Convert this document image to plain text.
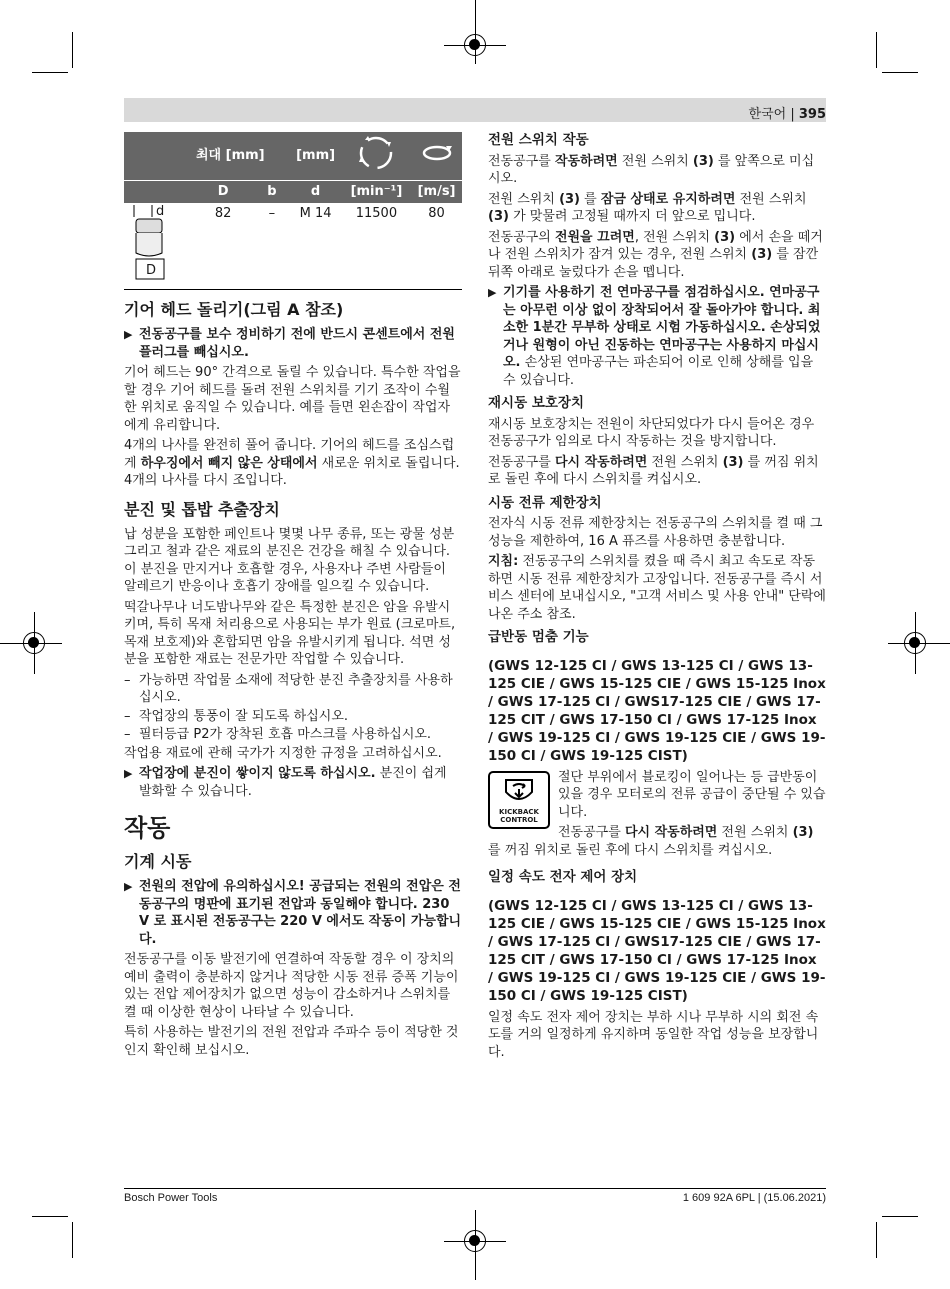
한국어 | 395
	최대 [mm]		[mm]		
	D	b	d	[min⁻¹]	[m/s]

d
D	82	–	M 14	11500	80
기어 헤드 돌리기(그림 A 참조)
▶ 전동공구를 보수 정비하기 전에 반드시 콘센트에서 전원 플러그를 빼십시오.

기어 헤드는 90° 간격으로 돌릴 수 있습니다. 특수한 작업을 할 경우 기어 헤드를 돌려 전원 스위치를 기기 조작이 수월한 위치로 움직일 수 있습니다. 예를 들면 왼손잡이 작업자에게 유리합니다.

4개의 나사를 완전히 풀어 줍니다. 기어의 헤드를 조심스럽게 하우징에서 빼지 않은 상태에서 새로운 위치로 돌립니다. 4개의 나사를 다시 조입니다.

분진 및 톱밥 추출장치

납 성분을 포함한 페인트나 몇몇 나무 종류, 또는 광물 성분 그리고 철과 같은 재료의 분진은 건강을 해칠 수 있습니다. 이 분진을 만지거나 호흡할 경우, 사용자나 주변 사람들이 알레르기 반응이나 호흡기 장애를 일으킬 수 있습니다.

떡갈나무나 너도밤나무와 같은 특정한 분진은 암을 유발시키며, 특히 목재 처리용으로 사용되는 부가 원료 (크로마트, 목재 보호제)와 혼합되면 암을 유발시키게 됩니다. 석면 성분을 포함한 재료는 전문가만 작업할 수 있습니다.

– 가능하면 작업물 소재에 적당한 분진 추출장치를 사용하십시오.
– 작업장의 통풍이 잘 되도록 하십시오.
– 필터등급 P2가 장착된 호흡 마스크를 사용하십시오.

작업용 재료에 관해 국가가 지정한 규정을 고려하십시오.

▶ 작업장에 분진이 쌓이지 않도록 하십시오. 분진이 쉽게 발화할 수 있습니다.
작동
기계 시동
▶ 전원의 전압에 유의하십시오! 공급되는 전원의 전압은 전동공구의 명판에 표기된 전압과 동일해야 합니다. 230 V 로 표시된 전동공구는 220 V 에서도 작동이 가능합니다.

전동공구를 이동 발전기에 연결하여 작동할 경우 이 장치의 예비 출력이 충분하지 않거나 적당한 시동 전류 증폭 기능이 있는 전압 제어장치가 없으면 성능이 감소하거나 스위치를 켤 때 이상한 현상이 나타날 수 있습니다.

특히 사용하는 발전기의 전원 전압과 주파수 등이 적당한 것인지 확인해 보십시오.

전원 스위치 작동

전동공구를 작동하려면 전원 스위치 (3) 를 앞쪽으로 미십시오.

전원 스위치 (3) 를 잠금 상태로 유지하려면 전원 스위치 (3) 가 맞물려 고정될 때까지 더 앞으로 밉니다.

전동공구의 전원을 끄려면, 전원 스위치 (3) 에서 손을 떼거나 전원 스위치가 잠겨 있는 경우, 전원 스위치 (3) 를 잠깐 뒤쪽 아래로 눌렀다가 손을 뗍니다.

▶ 기기를 사용하기 전 연마공구를 점검하십시오. 연마공구는 아무런 이상 없이 장착되어서 잘 돌아가야 합니다. 최소한 1분간 무부하 상태로 시험 가동하십시오. 손상되었거나 원형이 아닌 진동하는 연마공구는 사용하지 마십시오. 손상된 연마공구는 파손되어 이로 인해 상해를 입을 수 있습니다.
재시동 보호장치

재시동 보호장치는 전원이 차단되었다가 다시 들어온 경우 전동공구가 임의로 다시 작동하는 것을 방지합니다.

전동공구를 다시 작동하려면 전원 스위치 (3) 를 꺼짐 위치로 돌린 후에 다시 스위치를 켜십시오.

시동 전류 제한장치

전자식 시동 전류 제한장치는 전동공구의 스위치를 켤 때 그 성능을 제한하여, 16 A 퓨즈를 사용하면 충분합니다.

지침: 전동공구의 스위치를 켰을 때 즉시 최고 속도로 작동하면 시동 전류 제한장치가 고장입니다. 전동공구를 즉시 서비스 센터에 보내십시오, "고객 서비스 및 사용 안내" 단락에 나온 주소 참조.

급반동 멈춤 기능
(GWS 12-125 CI / GWS 13-125 CI / GWS 13-125 CIE / GWS 15-125 CIE / GWS 15-125 Inox / GWS 17-125 CI / GWS17-125 CIE / GWS 17-125 CIT / GWS 17-150 CI / GWS 17-125 Inox / GWS 19-125 CI / GWS 19-125 CIE / GWS 19-150 CI / GWS 19-125 CIST)
KICKBACK CONTROL

절단 부위에서 블로킹이 일어나는 등 급반동이 있을 경우 모터로의 전류 공급이 중단될 수 있습니다.

전동공구를 다시 작동하려면 전원 스위치 (3) 를 꺼짐 위치로 돌린 후에 다시 스위치를 켜십시오.

일정 속도 전자 제어 장치
(GWS 12-125 CI / GWS 13-125 CI / GWS 13-125 CIE / GWS 15-125 CIE / GWS 15-125 Inox / GWS 17-125 CI / GWS17-125 CIE / GWS 17-125 CIT / GWS 17-150 CI / GWS 17-125 Inox / GWS 19-125 CI / GWS 19-125 CIE / GWS 19-150 CI / GWS 19-125 CIST)

일정 속도 전자 제어 장치는 부하 시나 무부하 시의 회전 속도를 거의 일정하게 유지하며 동일한 작업 성능을 보장합니다.

Bosch Power Tools	1 609 92A 6PL | (15.06.2021)
